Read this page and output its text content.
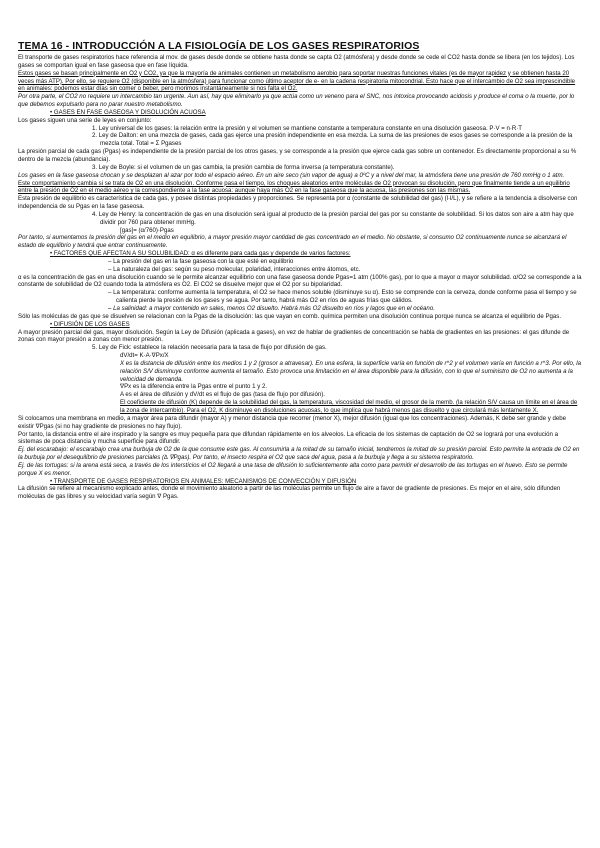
TEMA 16 - INTRODUCCIÓN A LA FISIOLOGÍA DE LOS GASES RESPIRATORIOS

El transporte de gases respiratorios hace referencia al mov. de gases desde donde se obtiene hasta donde se capta O2 (atmósfera) y desde donde se cede el CO2 hasta donde se libera (en los tejidos). Los gases se comportan igual en fase gaseosa que en fase líquida.

Estos gases se basan principalmente en O2 y CO2, ya que la mayoría de animales contienen un metabolismo aerobio para soportar nuestras funciones vitales (es de mayor rapidez y se obtienen hasta 20 veces más ATP). Por ello, se requiere O2 (disponible en la atmósfera) para funcionar como último aceptor de e- en la cadena respiratoria mitocondrial. Esto hace que el intercambio de O2 sea imprescindible en animales: podemos estar días sin comer o beber, pero morimos instantáneamente si nos falta el O2.

Por otra parte, el CO2 no requiere un intercambio tan urgente. Aun así, hay que eliminarlo ya que actúa como un veneno para el SNC, nos intoxica provocando acidosis y produce el coma o la muerte, por lo que debemos expulsarlo para no parar nuestro metabolismo.

• GASES EN FASE GASEOSA Y DISOLUCIÓN ACUOSA

Los gases siguen una serie de leyes en conjunto:

1. Ley universal de los gases: la relación entre la presión y el volumen se mantiene constante a temperatura constante en una disolución gaseosa. P·V = n·R·T

2. Ley de Dalton: en una mezcla de gases, cada gas ejerce una presión independiente en esa mezcla. La suma de las presiones de esos gases se corresponde a la presión de la mezcla total. Total = Σ Pgases

La presión parcial de cada gas (Pgas) es independiente de la presión parcial de los otros gases, y se corresponde a la presión que ejerce cada gas sobre un contenedor. Es directamente proporcional a su % dentro de la mezcla (abundancia).

3. Ley de Boyle: si el volumen de un gas cambia, la presión cambia de forma inversa (a temperatura constante).

Los gases en la fase gaseosa chocan y se desplazan al azar por todo el espacio aéreo. En un aire seco (sin vapor de agua) a 0ºC y a nivel del mar, la atmósfera tiene una presión de 760 mmHg o 1 atm.

Este comportamiento cambia si se trata de O2 en una disolución. Conforme pasa el tiempo, los choques aleatorios entre moléculas de O2 provocan su disolución, pero que finalmente tiende a un equilibrio entre la presión de O2 en el medio aéreo y la correspondiente a la fase acuosa: aunque haya más O2 en la fase gaseosa que la acuosa, las presiones son las mismas.

Esta presión de equilibrio es característica de cada gas, y posee distintas propiedades y proporciones. Se representa por α (constante de solubilidad del gas) (l·l/L), y se refiere a la tendencia a disolverse con independencia de su Pgas en la fase gaseosa.

4. Ley de Henry: la concentración de gas en una disolución será igual al producto de la presión parcial del gas por su constante de solubilidad. Si los datos son aire a atm hay que dividir por 760 para obtener mmHg.

[gas]= (α/760)·Pgas

Por tanto, si aumentamos la presión del gas en el medio en equilibrio, a mayor presión mayor cantidad de gas concentrado en el medio. No obstante, si consumo O2 continuamente nunca se alcanzará el estado de equilibrio y tendrá que entrar continuamente.

• FACTORES QUE AFECTAN A SU SOLUBILIDAD: α es diferente para cada gas y depende de varios factores:

– La presión del gas en la fase gaseosa con la que esté en equilibrio

– La naturaleza del gas: según su peso molecular, polaridad, interacciones entre átomos, etc.

α es la concentración de gas en una disolución cuando se le permite alcanzar equilibrio con una fase gaseosa donde Pgas=1 atm (100% gas), por lo que a mayor α mayor solubilidad. α/O2 se corresponde a la constante de solubilidad de O2 cuando toda la atmósfera es O2. El CO2 se disuelve mejor que el O2 por su bipolaridad.

– La temperatura: conforme aumenta la temperatura, el O2 se hace menos soluble (disminuye su α). Esto se comprende con la cerveza, donde conforme pasa el tiempo y se calienta pierde la presión de los gases y se agua. Por tanto, habrá más O2 en ríos de aguas frías que cálidos.

– La salinidad: a mayor contenido en sales, menos O2 disuelto. Habrá más O2 disuelto en ríos y lagos que en el océano.

Sólo las moléculas de gas que se disuelven se relacionan con la Pgas de la disolución: las que vayan en comb. química permiten una disolución continua porque nunca se alcanza el equilibrio de Pgas.

• DIFUSIÓN DE LOS GASES

A mayor presión parcial del gas, mayor disolución. Según la Ley de Difusión (aplicada a gases), en vez de hablar de gradientes de concentración se habla de gradientes en las presiones: el gas difunde de zonas con mayor presión a zonas con menor presión.

5. Ley de Fick: establece la relación necesaria para la tasa de flujo por difusión de gas.

dV/dt= K·A·∇Px/X

X es la distancia de difusión entre los medios 1 y 2 (grosor a atravesar). En una esfera, la superficie varía en función de r^2 y el volumen varía en función a r^3. Por ello, la relación S/V disminuye conforme aumenta el tamaño. Esto provoca una limitación en el área disponible para la difusión, con lo que el suministro de O2 no aumenta a la velocidad de demanda.

∇Px es la diferencia entre la Pgas entre el punto 1 y 2.

A es el área de difusión y dV/dt es el flujo de gas (tasa de flujo por difusión).

El coeficiente de difusión (K) depende de la solubilidad del gas, la temperatura, viscosidad del medio, el grosor de la memb. (la relación S/V causa un límite en el área de la zona de intercambio). Para el O2, K disminuye en disoluciones acuosas, lo que implica que habrá menos gas disuelto y que circulará más lentamente X.

Si colocamos una membrana en medio, a mayor área para difundir (mayor A) y menor distancia que recorrer (menor X), mejor difusión (igual que los concentraciones). Además, K debe ser grande y debe existir ∇Pgas (si no hay gradiente de presiones no hay flujo).

Por tanto, la distancia entre el aire inspirado y la sangre es muy pequeña para que difundan rápidamente en los alveolos. La eficacia de los sistemas de captación de O2 se logrará por una evolución a sistemas de poca distancia y mucha superficie para difundir.

Ej. del escarabajo: el escarabajo crea una burbuja de O2 de la que consume este gas. Al consumirla a la mitad de su tamaño inicial, tendremos la mitad de su presión parcial. Esto permite la entrada de O2 en la burbuja por el desequilibrio de presiones parciales (∆ ∇Pgas). Por tanto, el insecto respira el O2 que saca del agua, pasa a la burbuja y llega a su sistema respiratorio.

Ej. de las tortugas: si la arena está seca, a través de los intersticios el O2 llegará a una tasa de difusión lo suficientemente alta como para permitir el desarrollo de las tortugas en el huevo. Esto se permite porque X es menor.

• TRANSPORTE DE GASES RESPIRATORIOS EN ANIMALES: MECANISMOS DE CONVECCIÓN Y DIFUSIÓN

La difusión se refiere al mecanismo explicado antes, donde el movimiento aleatorio a partir de las moléculas permite un flujo de aire a favor de gradiente de presiones. Es mejor en el aire, sólo difunden moléculas de gas libres y su velocidad varía según ∇ Pgas.
